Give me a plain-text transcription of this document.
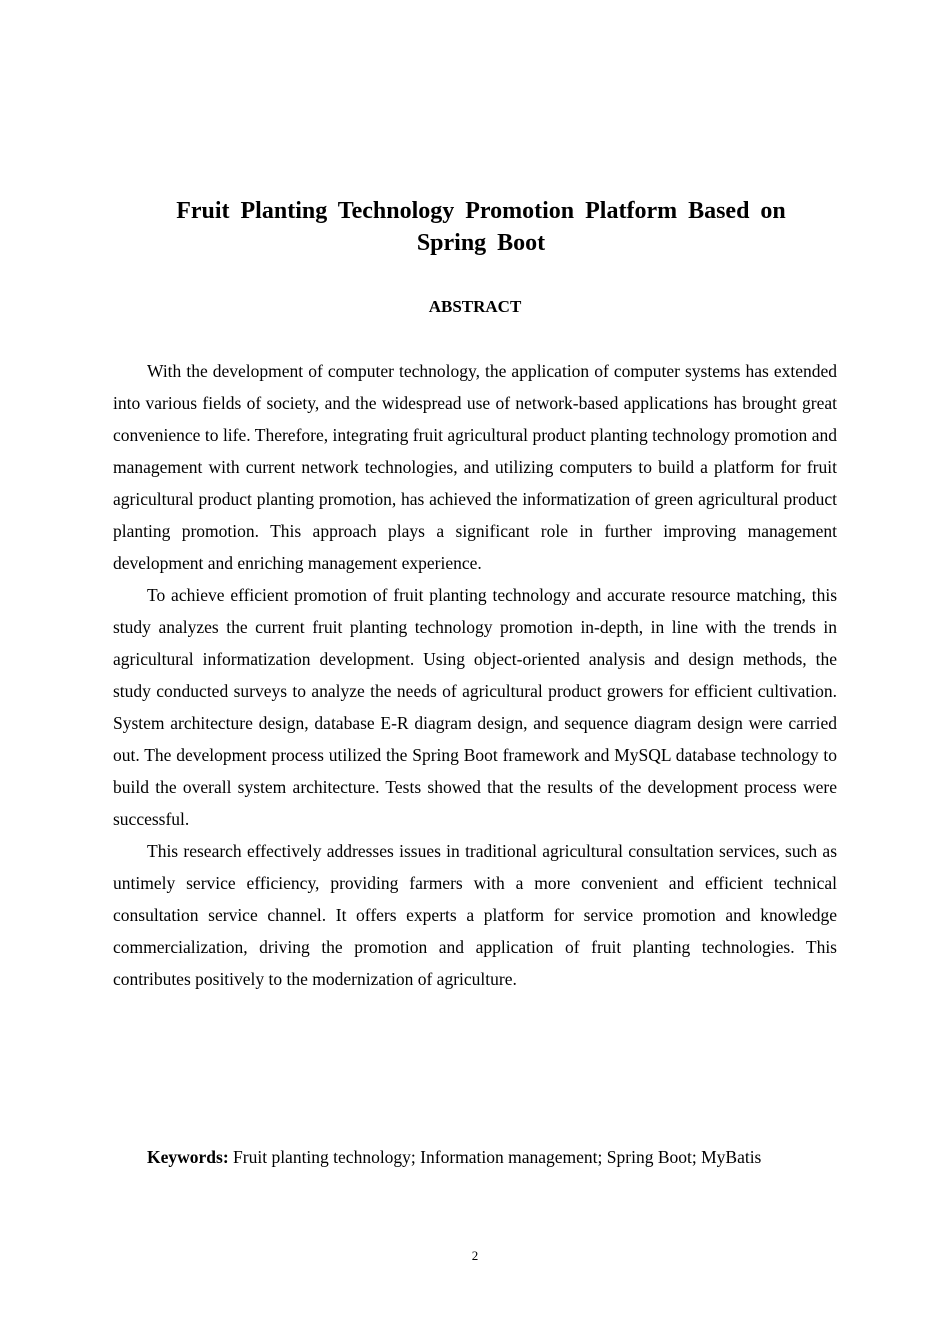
Fruit Planting Technology Promotion Platform Based on Spring Boot
ABSTRACT

With the development of computer technology, the application of computer systems has extended into various fields of society, and the widespread use of network-based applications has brought great convenience to life. Therefore, integrating fruit agricultural product planting technology promotion and management with current network technologies, and utilizing computers to build a platform for fruit agricultural product planting promotion, has achieved the informatization of green agricultural product planting promotion. This approach plays a significant role in further improving management development and enriching management experience.

To achieve efficient promotion of fruit planting technology and accurate resource matching, this study analyzes the current fruit planting technology promotion in-depth, in line with the trends in agricultural informatization development. Using object-oriented analysis and design methods, the study conducted surveys to analyze the needs of agricultural product growers for efficient cultivation. System architecture design, database E-R diagram design, and sequence diagram design were carried out. The development process utilized the Spring Boot framework and MySQL database technology to build the overall system architecture. Tests showed that the results of the development process were successful.

This research effectively addresses issues in traditional agricultural consultation services, such as untimely service efficiency, providing farmers with a more convenient and efficient technical consultation service channel. It offers experts a platform for service promotion and knowledge commercialization, driving the promotion and application of fruit planting technologies. This contributes positively to the modernization of agriculture.

Keywords: Fruit planting technology; Information management; Spring Boot; MyBatis

2
